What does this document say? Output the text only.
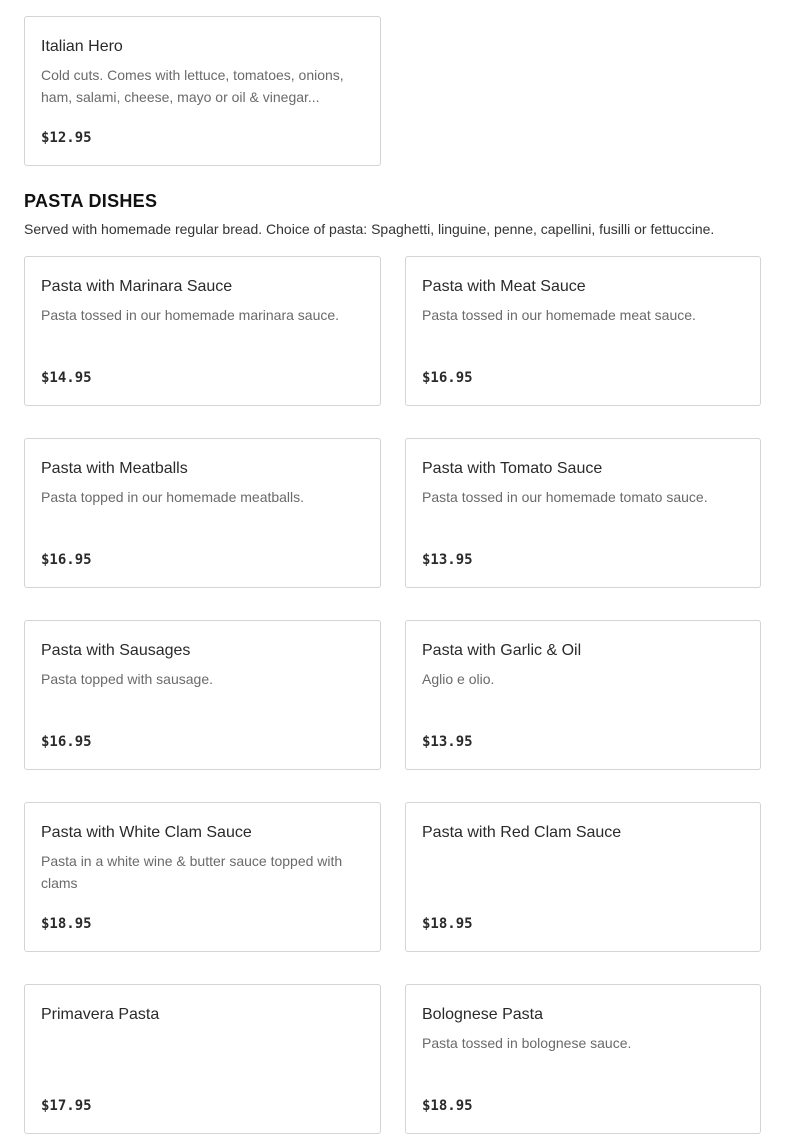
Italian Hero
Cold cuts. Comes with lettuce, tomatoes, onions, ham, salami, cheese, mayo or oil & vinegar...
$12.95
PASTA DISHES
Served with homemade regular bread. Choice of pasta: Spaghetti, linguine, penne, capellini, fusilli or fettuccine.
Pasta with Marinara Sauce
Pasta tossed in our homemade marinara sauce.
$14.95
Pasta with Meat Sauce
Pasta tossed in our homemade meat sauce.
$16.95
Pasta with Meatballs
Pasta topped in our homemade meatballs.
$16.95
Pasta with Tomato Sauce
Pasta tossed in our homemade tomato sauce.
$13.95
Pasta with Sausages
Pasta topped with sausage.
$16.95
Pasta with Garlic & Oil
Aglio e olio.
$13.95
Pasta with White Clam Sauce
Pasta in a white wine & butter sauce topped with clams
$18.95
Pasta with Red Clam Sauce
$18.95
Primavera Pasta
$17.95
Bolognese Pasta
Pasta tossed in bolognese sauce.
$18.95
